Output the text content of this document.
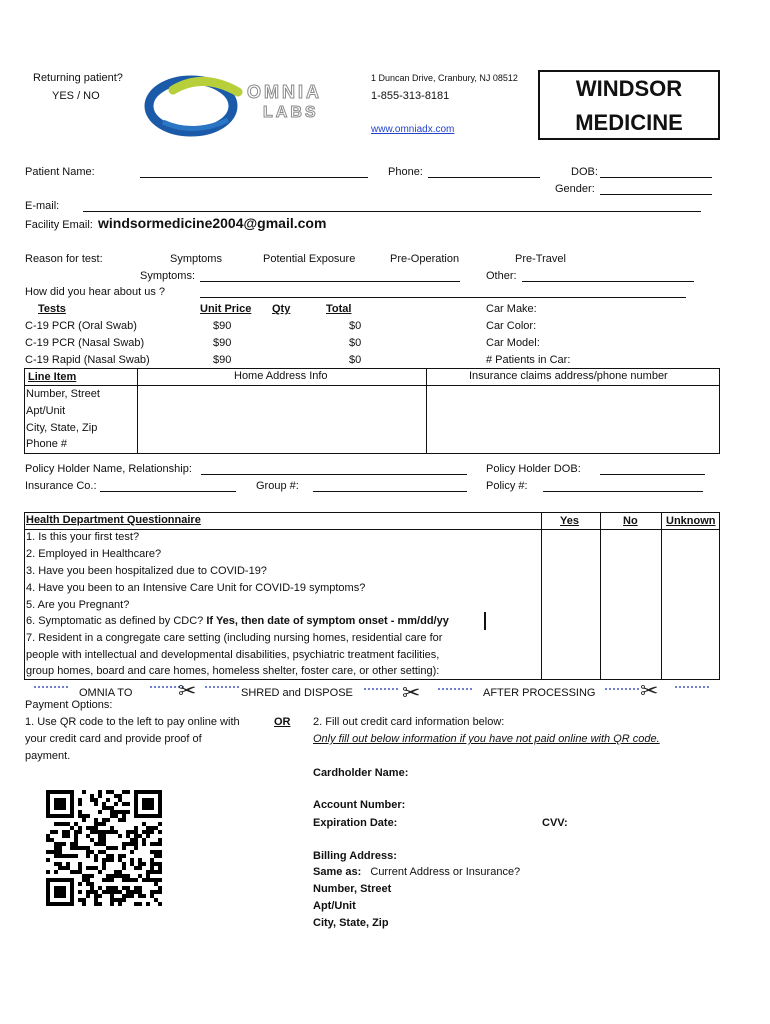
Returning patient?
YES / NO	OMNIA
LABS
1 Duncan Drive, Cranbury, NJ 08512
1-855-313-8181
www.omniadx.com
WINDSOR
MEDICINE
Patient Name:	Phone:	DOB:
Gender:
E-mail:
Facility Email: windsormedicine2004@gmail.com
Reason for test:	Symptoms	Potential Exposure	Pre-Operation	Pre-Travel
Symptoms:	Other:
How did you hear about us ?
Tests	Unit Price Qty	Total
C-19 PCR (Oral Swab)	$90	$0
C-19 PCR (Nasal Swab)	$90	$0
C-19 Rapid (Nasal Swab)	$90	$0
Car Make:
Car Color:
Car Model:
# Patients in Car:
Line Item	Home Address Info	Insurance claims address/phone number
Number, Street
Apt/Unit
City, State, Zip
Phone #
Policy Holder Name, Relationship:	Policy Holder DOB:
Insurance Co.:	Group #:	Policy #:
Health Department Questionnaire	Yes	No	Unknown
1. Is this your first test?
2. Employed in Healthcare?
3. Have you been hospitalized due to COVID-19?
4. Have you been to an Intensive Care Unit for COVID-19 symptoms?
5. Are you Pregnant?
6. Symptomatic as defined by CDC? If Yes, then date of symptom onset - mm/dd/yy
7. Resident in a congregate care setting (including nursing homes, residential care for
people with intellectual and developmental disabilities, psychiatric treatment facilities,
group homes, board and care homes, homeless shelter, foster care, or other setting):
OMNIA TO ✂	SHRED and DISPOSE ✂	AFTER PROCESSING ✂
Payment Options:
1. Use QR code to the left to pay online with
your credit card and provide proof of
payment.
OR 2. Fill out credit card information below:
Only fill out below information if you have not paid online with QR code.
Cardholder Name:
Account Number:
Expiration Date:	CVV:
Billing Address:
Same as: Current Address or Insurance?
Number, Street
Apt/Unit
City, State, Zip
